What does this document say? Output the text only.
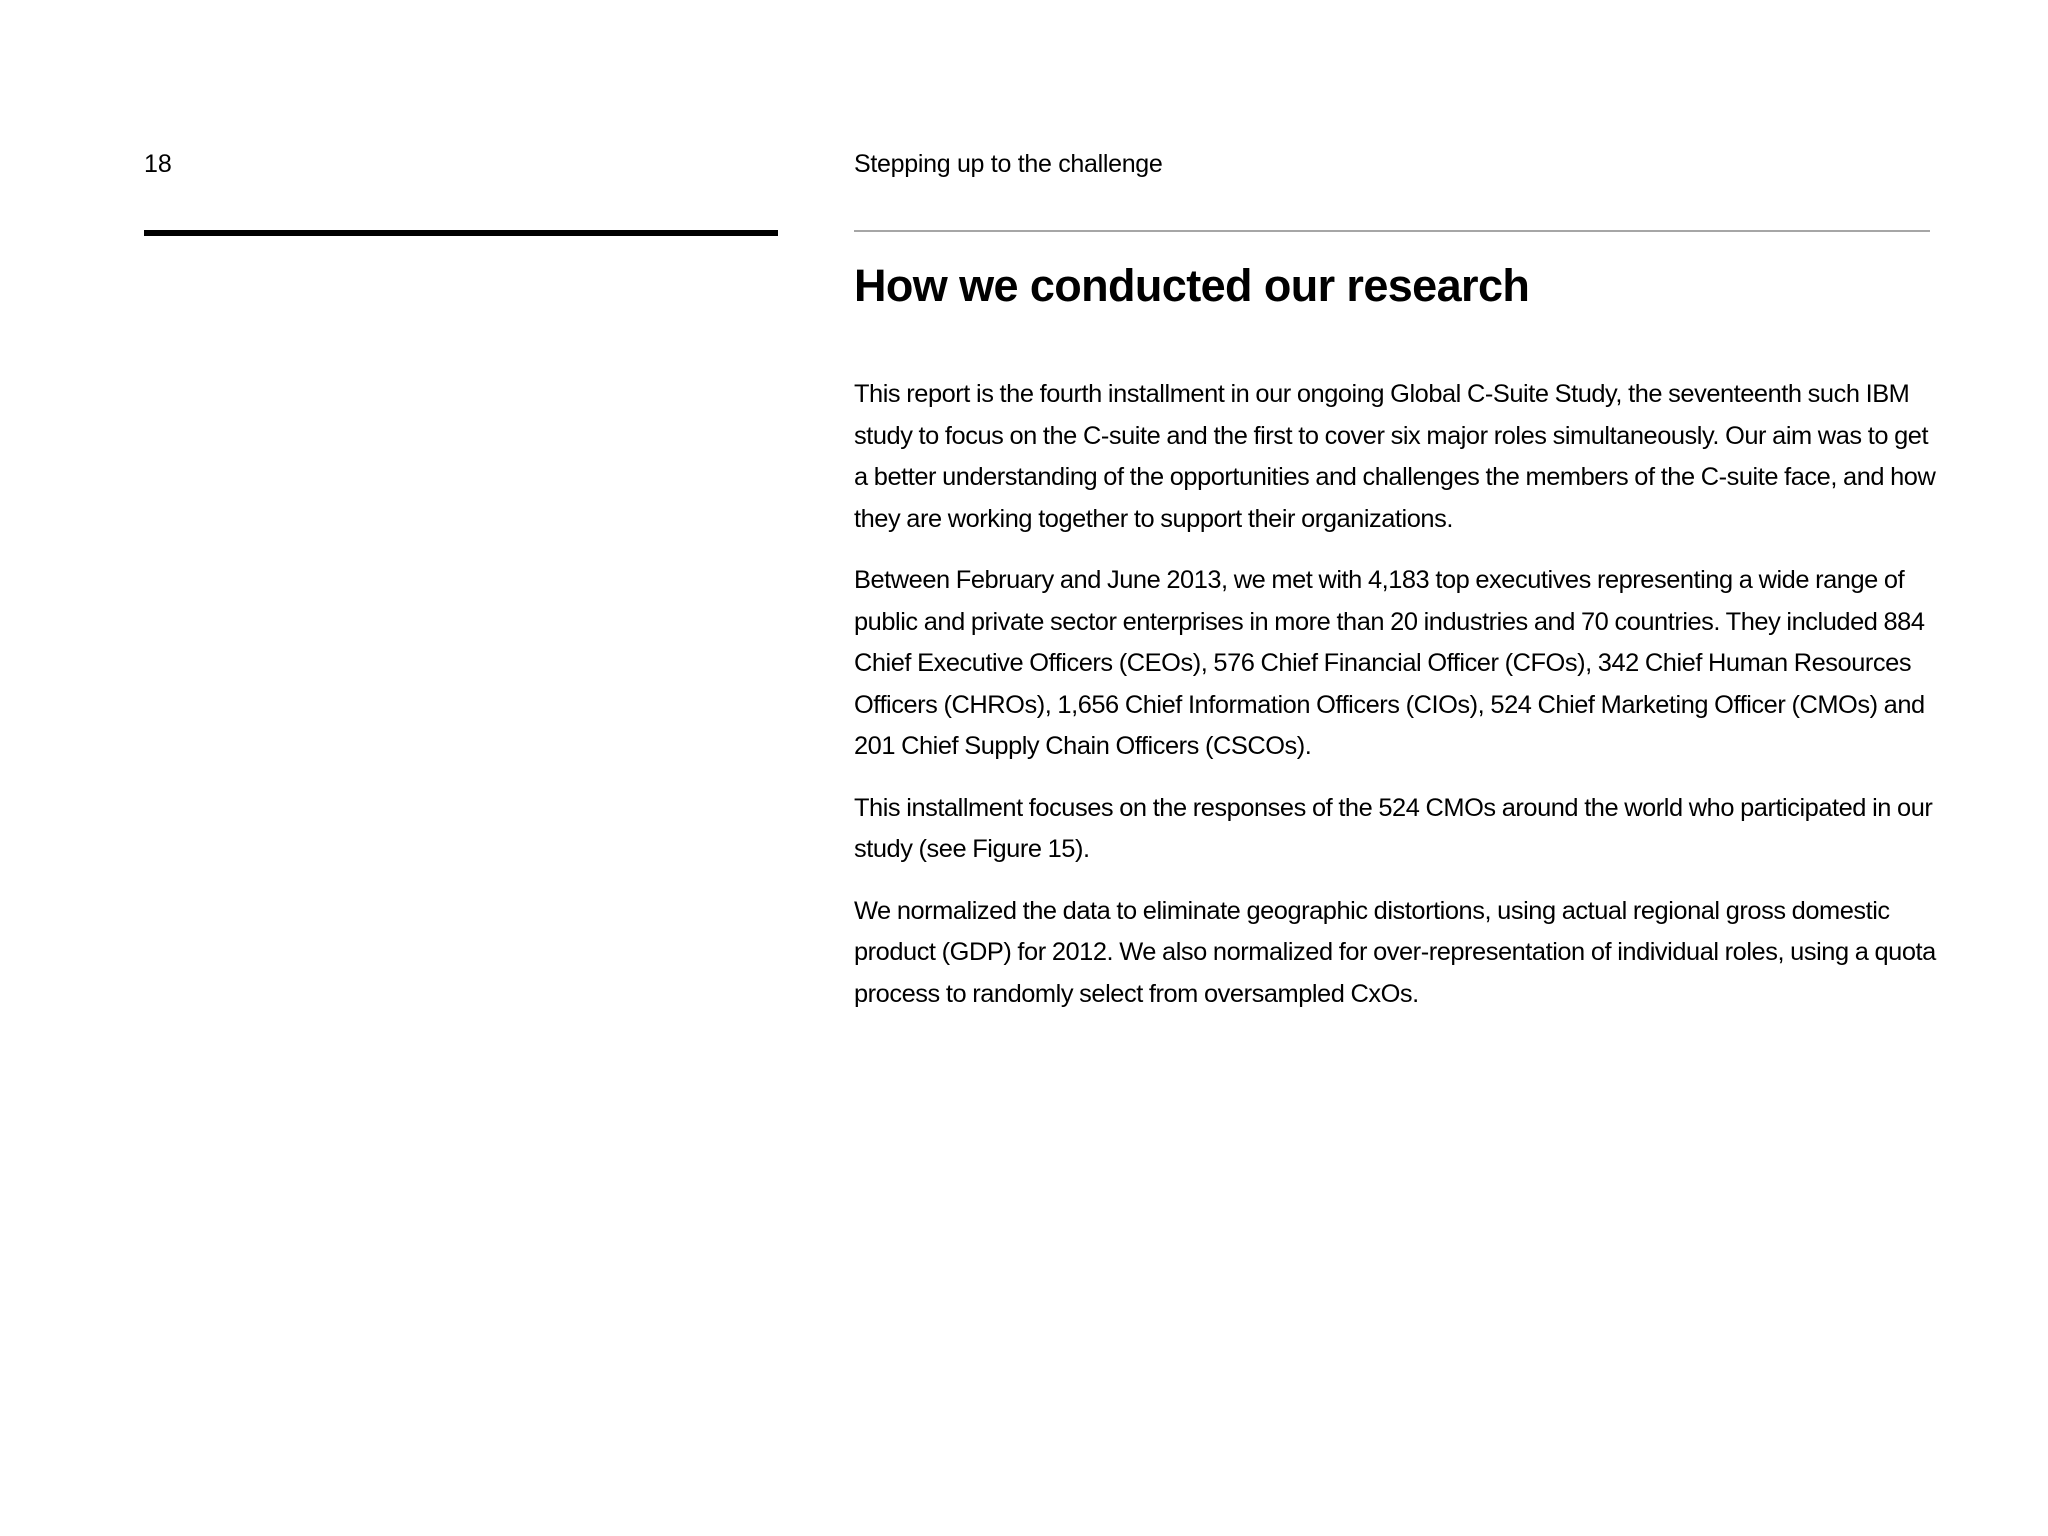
18	Stepping up to the challenge
How we conducted our research

This report is the fourth installment in our ongoing Global C-Suite Study, the seventeenth such IBM study to focus on the C-suite and the first to cover six major roles simultaneously. Our aim was to get a better understanding of the opportunities and challenges the members of the C-suite face, and how they are working together to support their organizations.

Between February and June 2013, we met with 4,183 top executives representing a wide range of public and private sector enterprises in more than 20 industries and 70 countries. They included 884 Chief Executive Officers (CEOs), 576 Chief Financial Officer (CFOs), 342 Chief Human Resources Officers (CHROs), 1,656 Chief Information Officers (CIOs), 524 Chief Marketing Officer (CMOs) and 201 Chief Supply Chain Officers (CSCOs).

This installment focuses on the responses of the 524 CMOs around the world who participated in our study (see Figure 15).

We normalized the data to eliminate geographic distortions, using actual regional gross domestic product (GDP) for 2012. We also normalized for over-representation of individual roles, using a quota process to randomly select from oversampled CxOs.
